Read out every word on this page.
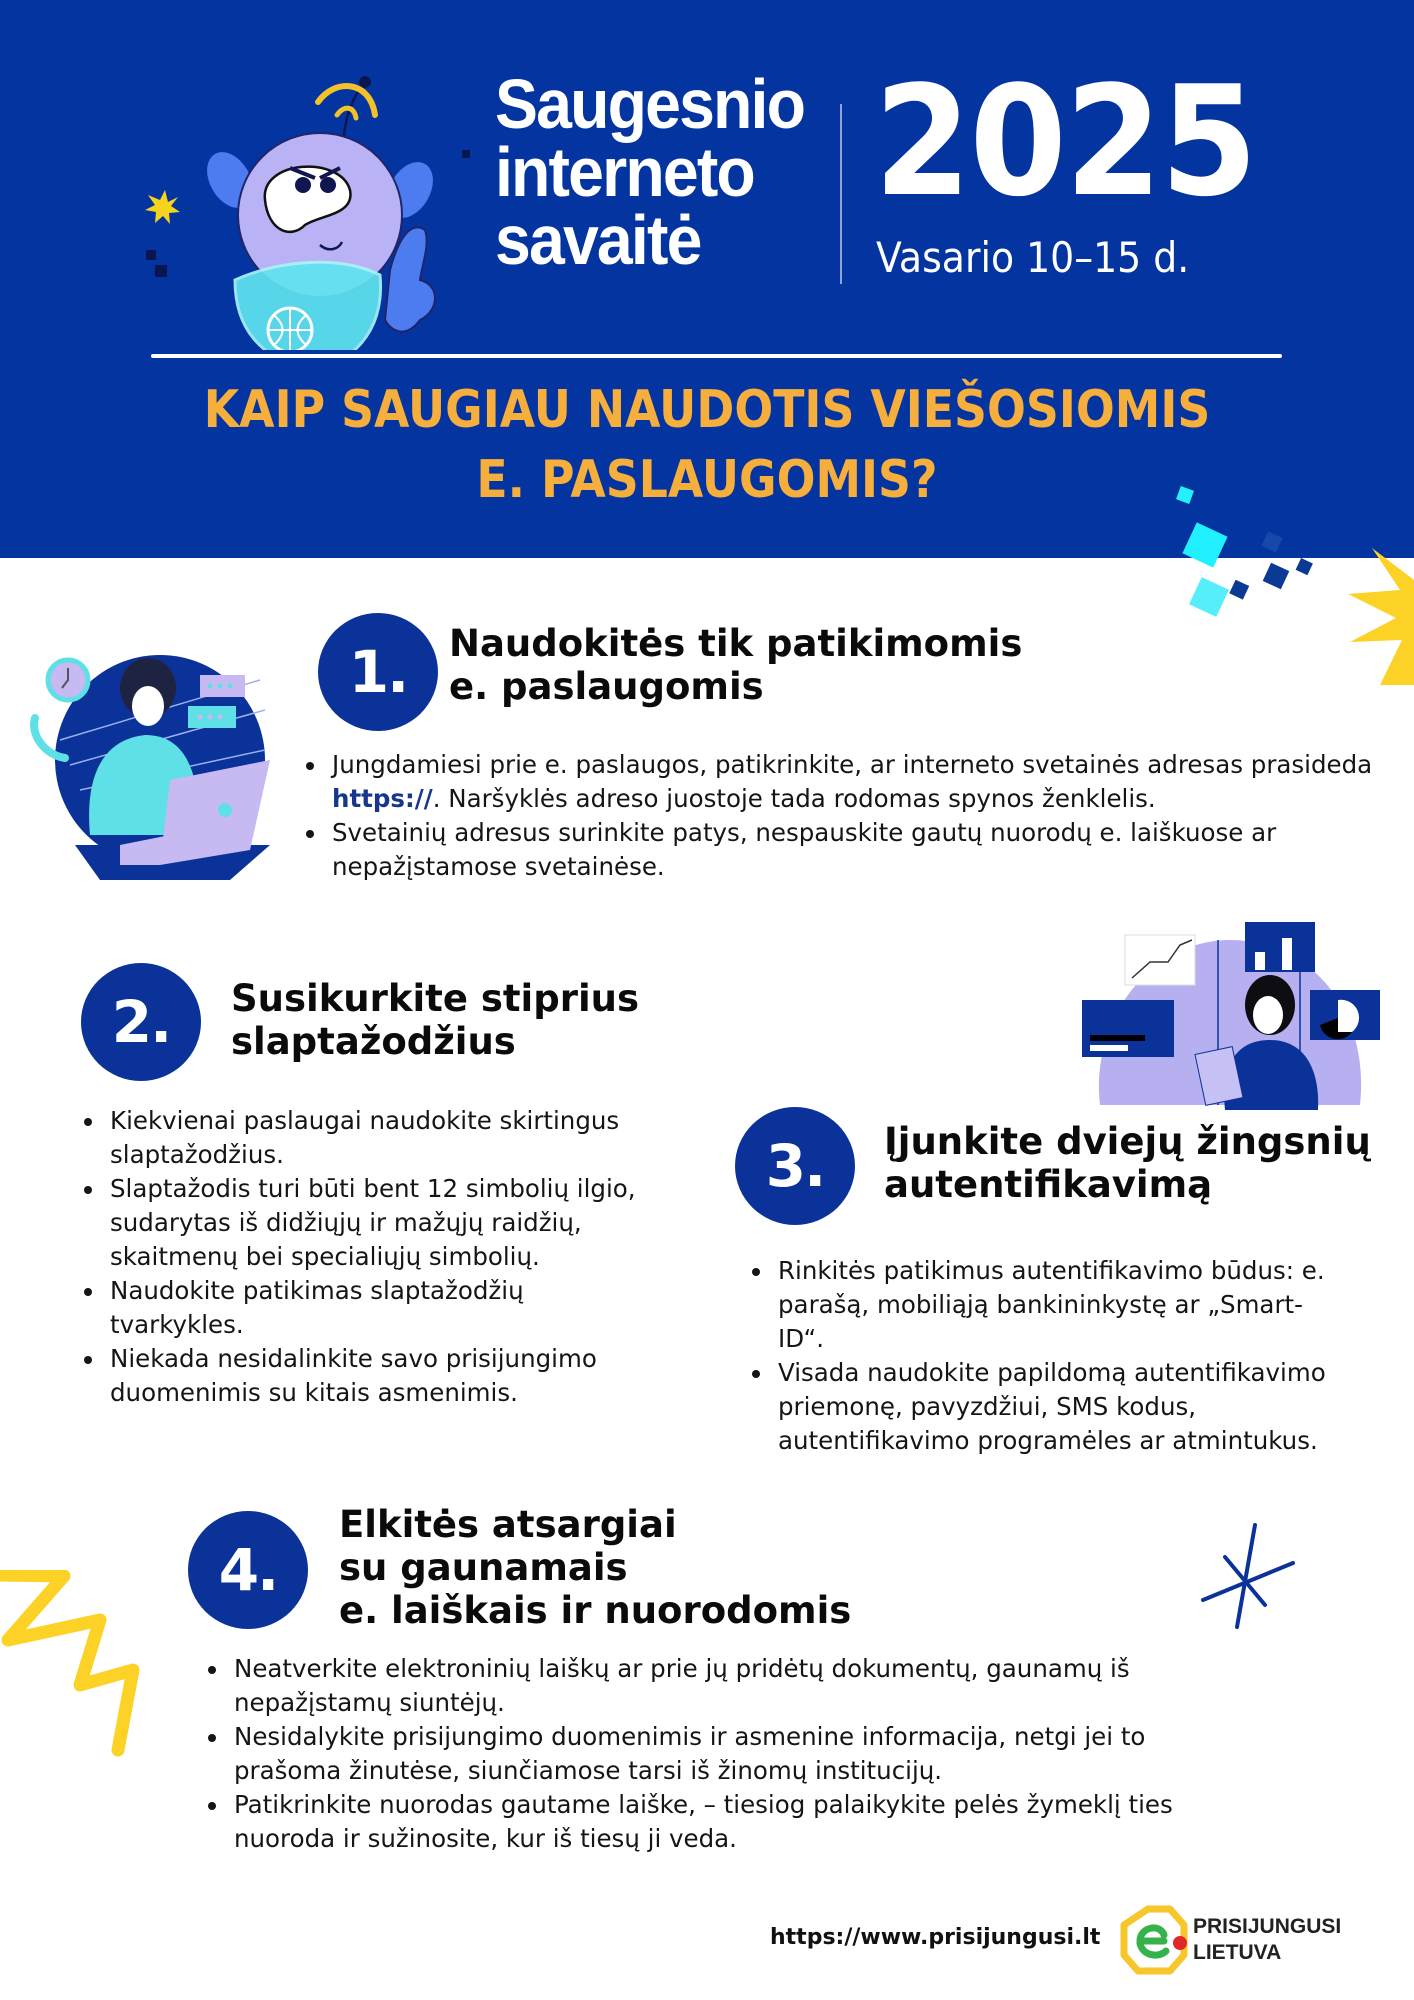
Saugesnio
interneto
savaitė
2025
Vasario 10–15 d.
KAIP SAUGIAU NAUDOTIS VIEŠOSIOMIS
E. PASLAUGOMIS?
1.	Naudokitės tik patikimomis
e. paslaugomis
Jungdamiesi prie e. paslaugos, patikrinkite, ar interneto svetainės adresas prasideda https://. Naršyklės adreso juostoje tada rodomas spynos ženklelis.
Svetainių adresus surinkite patys, nespauskite gautų nuorodų e. laiškuose ar nepažįstamose svetainėse.
2.	Susikurkite stiprius
slaptažodžius
Kiekvienai paslaugai naudokite skirtingus slaptažodžius.
Slaptažodis turi būti bent 12 simbolių ilgio, sudarytas iš didžiųjų ir mažųjų raidžių, skaitmenų bei specialiųjų simbolių.
Naudokite patikimas slaptažodžių tvarkykles.
Niekada nesidalinkite savo prisijungimo duomenimis su kitais asmenimis.
3.	Įjunkite dviejų žingsnių
autentifikavimą
Rinkitės patikimus autentifikavimo būdus: e. parašą, mobiliąją bankininkystę ar „Smart-ID“.
Visada naudokite papildomą autentifikavimo priemonę, pavyzdžiui, SMS kodus, autentifikavimo programėles ar atmintukus.
4.
Elkitės atsargiai
su gaunamais
e. laiškais ir nuorodomis
Neatverkite elektroninių laiškų ar prie jų pridėtų dokumentų, gaunamų iš nepažįstamų siuntėjų.
Nesidalykite prisijungimo duomenimis ir asmenine informacija, netgi jei to prašoma žinutėse, siunčiamose tarsi iš žinomų institucijų.
Patikrinkite nuorodas gautame laiške, – tiesiog palaikykite pelės žymeklį ties nuoroda ir sužinosite, kur iš tiesų ji veda.
https://www.prisijungusi.lt	PRISIJUNGUSI
LIETUVA
